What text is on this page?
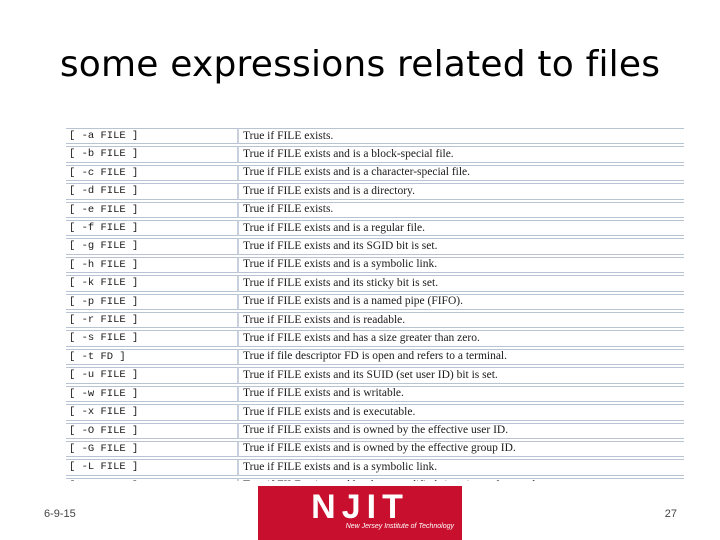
some expressions related to files
[ -a FILE ]	True if FILE exists.
[ -b FILE ]	True if FILE exists and is a block-special file.
[ -c FILE ]	True if FILE exists and is a character-special file.
[ -d FILE ]	True if FILE exists and is a directory.
[ -e FILE ]	True if FILE exists.
[ -f FILE ]	True if FILE exists and is a regular file.
[ -g FILE ]	True if FILE exists and its SGID bit is set.
[ -h FILE ]	True if FILE exists and is a symbolic link.
[ -k FILE ]	True if FILE exists and its sticky bit is set.
[ -p FILE ]	True if FILE exists and is a named pipe (FIFO).
[ -r FILE ]	True if FILE exists and is readable.
[ -s FILE ]	True if FILE exists and has a size greater than zero.
[ -t FD ]	True if file descriptor FD is open and refers to a terminal.
[ -u FILE ]	True if FILE exists and its SUID (set user ID) bit is set.
[ -w FILE ]	True if FILE exists and is writable.
[ -x FILE ]	True if FILE exists and is executable.
[ -O FILE ]	True if FILE exists and is owned by the effective user ID.
[ -G FILE ]	True if FILE exists and is owned by the effective group ID.
[ -L FILE ]	True if FILE exists and is a symbolic link.

6-9-15	NJIT
New Jersey Institute of Technology
27
